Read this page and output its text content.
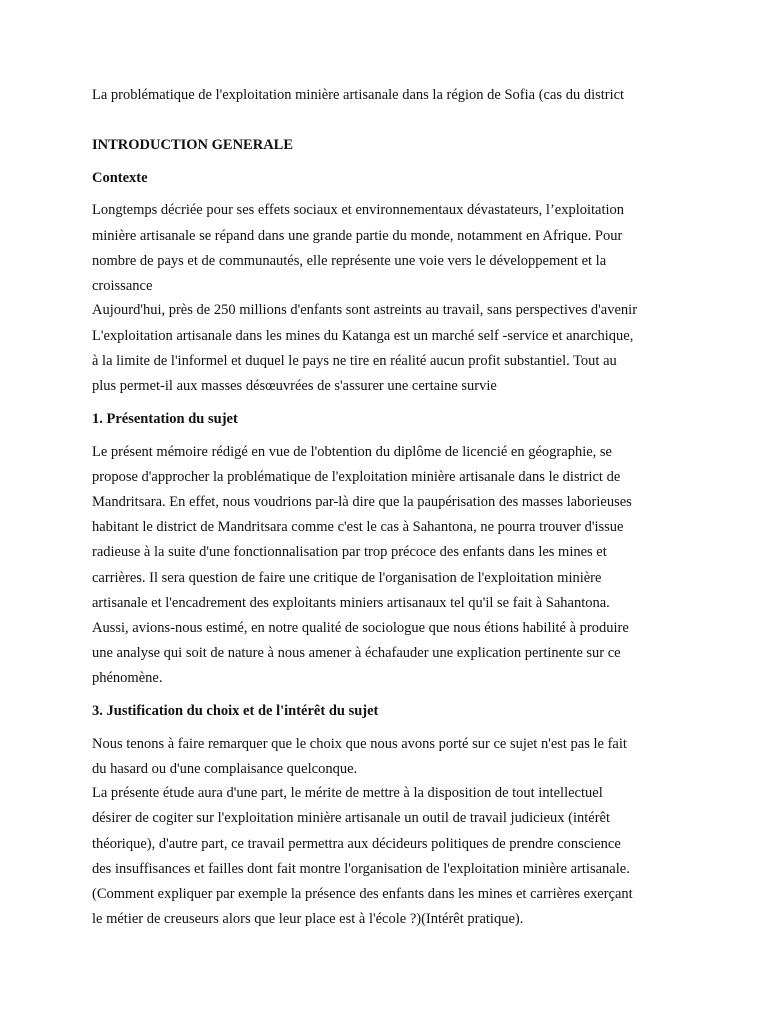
La problématique de l'exploitation minière artisanale dans la région de Sofia (cas du district
INTRODUCTION GENERALE
Contexte
Longtemps décriée pour ses effets sociaux et environnementaux dévastateurs, l’exploitation
minière artisanale se répand dans une grande partie du monde, notamment en Afrique. Pour
nombre de pays et de communautés, elle représente une voie vers le développement et la
croissance
Aujourd'hui, près de 250 millions d'enfants sont astreints au travail, sans perspectives d'avenir
L'exploitation artisanale dans les mines du Katanga est un marché self -service et anarchique,
à la limite de l'informel et duquel le pays ne tire en réalité aucun profit substantiel. Tout au
plus permet-il aux masses désœuvrées de s'assurer une certaine survie
1. Présentation du sujet
Le présent mémoire rédigé en vue de l'obtention du diplôme de licencié en géographie, se
propose d'approcher la problématique de l'exploitation minière artisanale dans le district de
Mandritsara. En effet, nous voudrions par-là dire que la paupérisation des masses laborieuses
habitant le district de Mandritsara comme c'est le cas à Sahantona, ne pourra trouver d'issue
radieuse à la suite d'une fonctionnalisation par trop précoce des enfants dans les mines et
carrières. Il sera question de faire une critique de l'organisation de l'exploitation minière
artisanale et l'encadrement des exploitants miniers artisanaux tel qu'il se fait à Sahantona.
Aussi, avions-nous estimé, en notre qualité de sociologue que nous étions habilité à produire
une analyse qui soit de nature à nous amener à échafauder une explication pertinente sur ce
phénomène.
3. Justification du choix et de l'intérêt du sujet
Nous tenons à faire remarquer que le choix que nous avons porté sur ce sujet n'est pas le fait
du hasard ou d'une complaisance quelconque.
La présente étude aura d'une part, le mérite de mettre à la disposition de tout intellectuel
désirer de cogiter sur l'exploitation minière artisanale un outil de travail judicieux (intérêt
théorique), d'autre part, ce travail permettra aux décideurs politiques de prendre conscience
des insuffisances et failles dont fait montre l'organisation de l'exploitation minière artisanale.
(Comment expliquer par exemple la présence des enfants dans les mines et carrières exerçant
le métier de creuseurs alors que leur place est à l'école ?)(Intérêt pratique).
